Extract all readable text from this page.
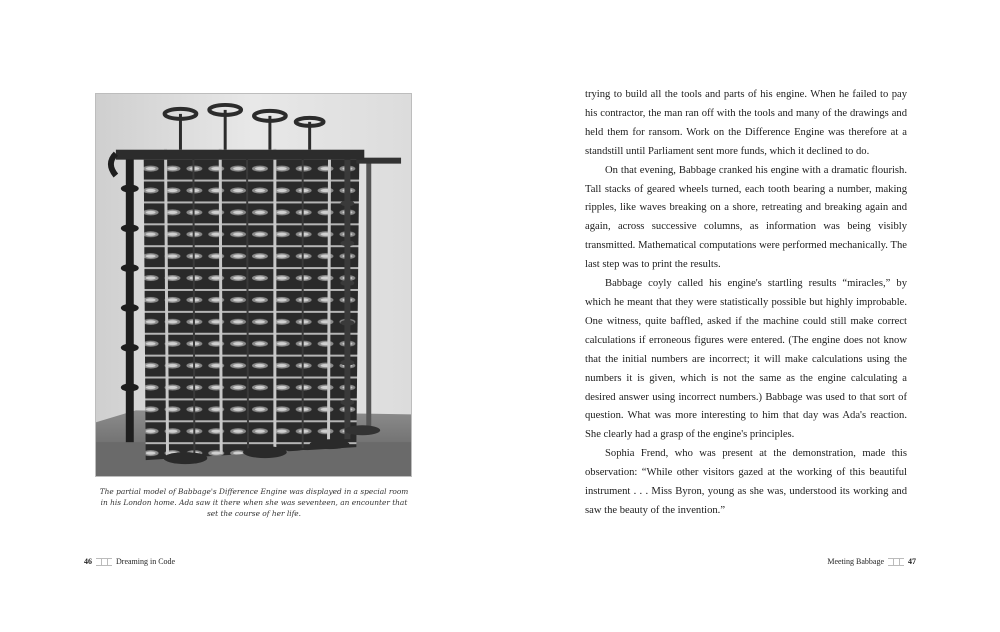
The partial model of Babbage's Difference Engine was displayed in a special room in his London home. Ada saw it there when she was seventeen, an encounter that set the course of her life.
46	Dreaming in Code

trying to build all the tools and parts of his engine. When he failed to pay his contractor, the man ran off with the tools and many of the drawings and held them for ransom. Work on the Difference Engine was therefore at a standstill until Parliament sent more funds, which it declined to do.

On that evening, Babbage cranked his engine with a dramatic flourish. Tall stacks of geared wheels turned, each tooth bearing a number, making ripples, like waves breaking on a shore, retreating and breaking again and again, across successive columns, as information was being visibly transmitted. Mathematical computations were performed mechanically. The last step was to print the results.

Babbage coyly called his engine's startling results “miracles,” by which he meant that they were statistically possible but highly improbable. One witness, quite baffled, asked if the machine could still make correct calculations if erroneous figures were entered. (The engine does not know that the initial numbers are incorrect; it will make calculations using the numbers it is given, which is not the same as the engine calculating a desired answer using incorrect numbers.) Babbage was used to that sort of question. What was more interesting to him that day was Ada's reaction. She clearly had a grasp of the engine's principles.

Sophia Frend, who was present at the demonstration, made this observation: “While other visitors gazed at the working of this beautiful instrument . . . Miss Byron, young as she was, understood its working and saw the beauty of the invention.”

Meeting Babbage	47
